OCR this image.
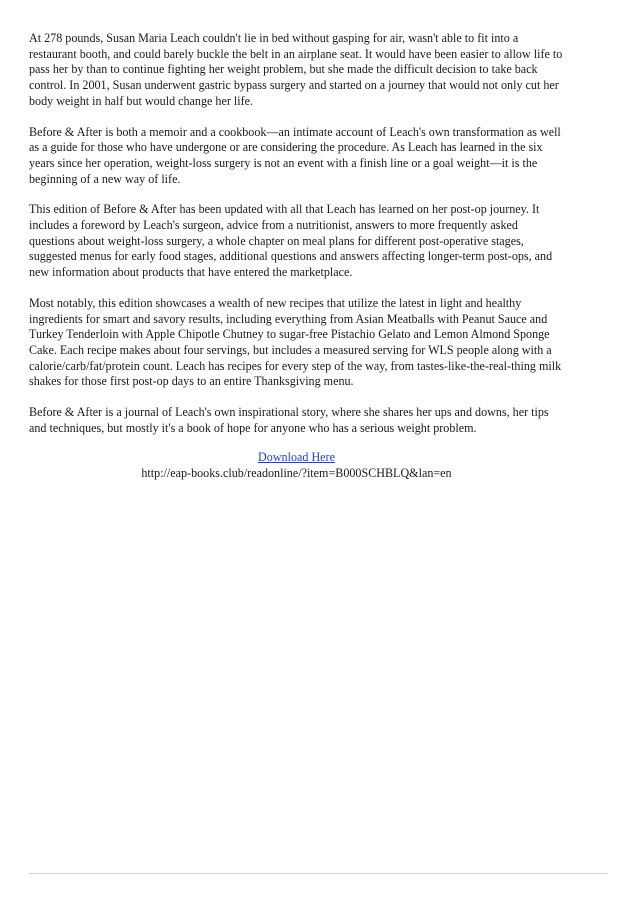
At 278 pounds, Susan Maria Leach couldn't lie in bed without gasping for air, wasn't able to fit into a restaurant booth, and could barely buckle the belt in an airplane seat. It would have been easier to allow life to pass her by than to continue fighting her weight problem, but she made the difficult decision to take back control. In 2001, Susan underwent gastric bypass surgery and started on a journey that would not only cut her body weight in half but would change her life.

Before & After is both a memoir and a cookbook—an intimate account of Leach's own transformation as well as a guide for those who have undergone or are considering the procedure. As Leach has learned in the six years since her operation, weight-loss surgery is not an event with a finish line or a goal weight—it is the beginning of a new way of life.

This edition of Before & After has been updated with all that Leach has learned on her post-op journey. It includes a foreword by Leach's surgeon, advice from a nutritionist, answers to more frequently asked questions about weight-loss surgery, a whole chapter on meal plans for different post-operative stages, suggested menus for early food stages, additional questions and answers affecting longer-term post-ops, and new information about products that have entered the marketplace.

Most notably, this edition showcases a wealth of new recipes that utilize the latest in light and healthy ingredients for smart and savory results, including everything from Asian Meatballs with Peanut Sauce and Turkey Tenderloin with Apple Chipotle Chutney to sugar-free Pistachio Gelato and Lemon Almond Sponge Cake. Each recipe makes about four servings, but includes a measured serving for WLS people along with a calorie/carb/fat/protein count. Leach has recipes for every step of the way, from tastes-like-the-real-thing milk shakes for those first post-op days to an entire Thanksgiving menu.

Before & After is a journal of Leach's own inspirational story, where she shares her ups and downs, her tips and techniques, but mostly it's a book of hope for anyone who has a serious weight problem.

Download Here
http://eap-books.club/readonline/?item=B000SCHBLQ&lan=en
